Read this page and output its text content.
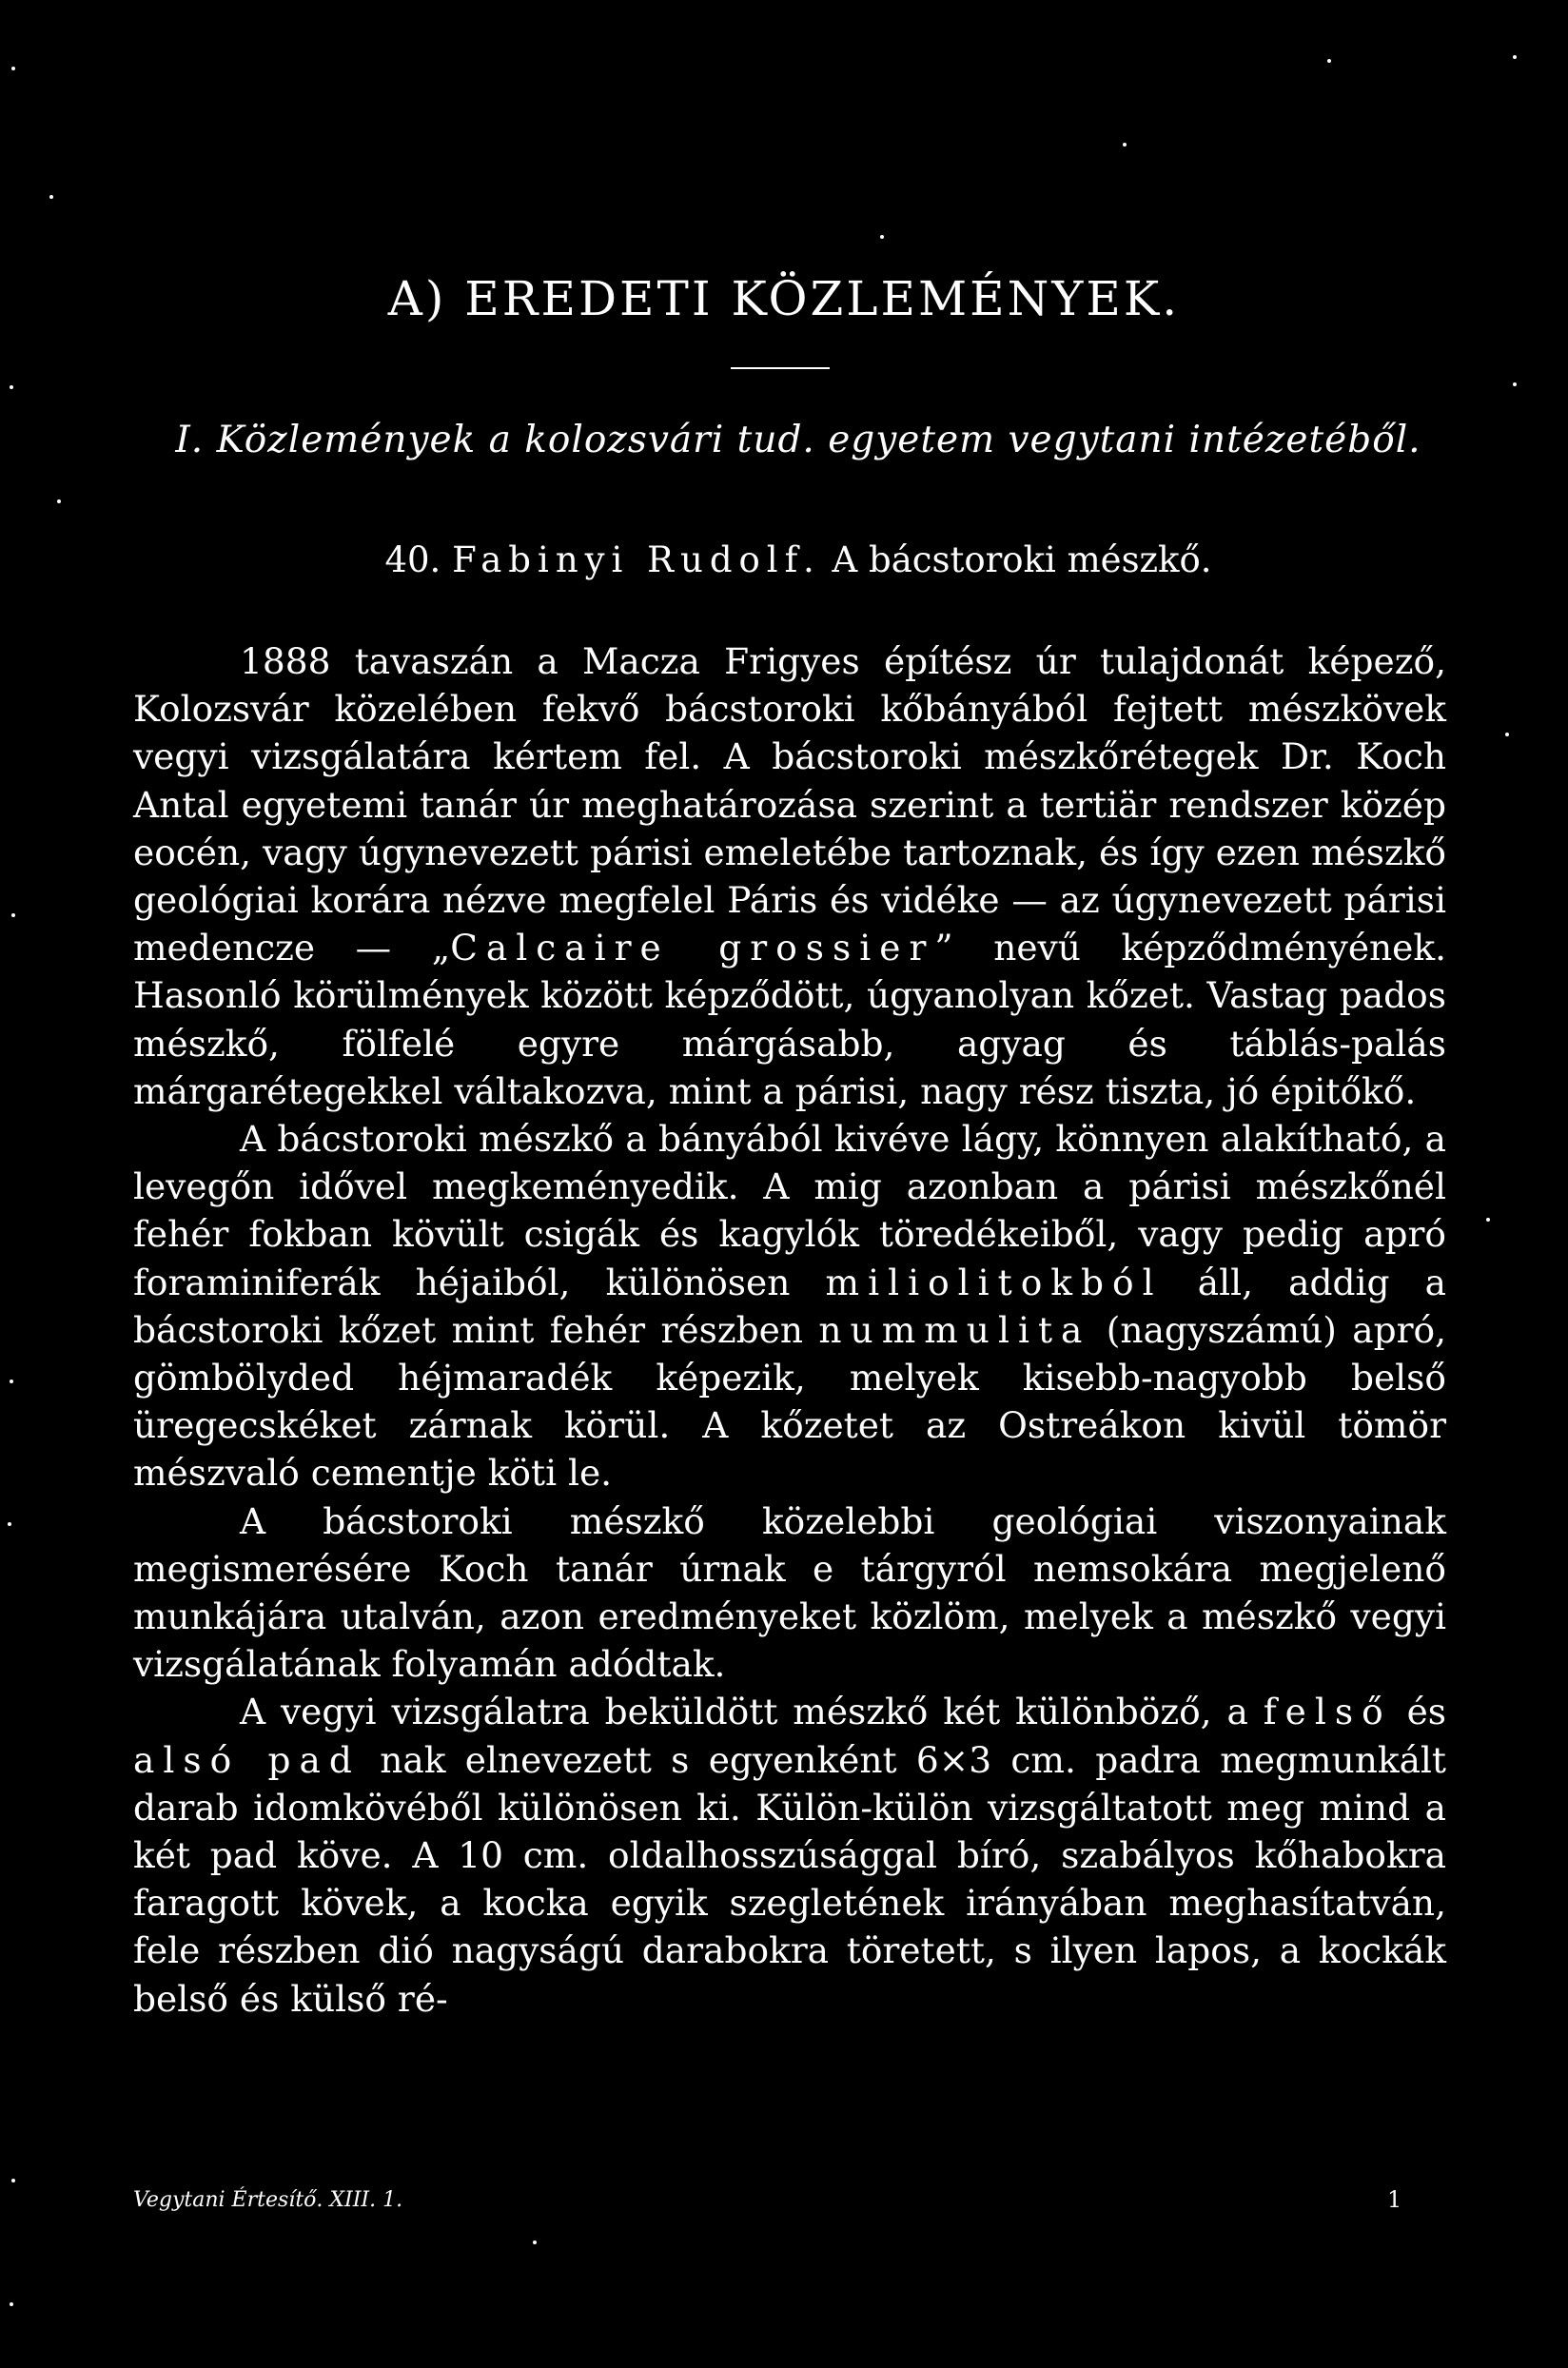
A) EREDETI KÖZLEMÉNYEK.
I. Közlemények a kolozsvári tud. egyetem vegytani intézetéből.
40. Fabinyi Rudolf. A bácstoroki mészkő.

1888 tavaszán a Macza Frigyes építész úr tulajdonát képező, Kolozsvár közelében fekvő bácstoroki kőbányából fejtett mészkövek vegyi vizsgálatára kértem fel. A bácstoroki mészkőrétegek Dr. Koch Antal egyetemi tanár úr meghatározása szerint a tertiär rendszer közép eocén, vagy úgynevezett párisi emeletébe tartoznak, és így ezen mészkő geológiai korára nézve megfelel Páris és vidéke — az úgynevezett párisi medencze — „Calcaire grossier” nevű képződményének. Hasonló körülmények között képződött, úgyanolyan kőzet. Vastag pados mészkő, fölfelé egyre márgásabb, agyag és táblás-palás márgarétegekkel váltakozva, mint a párisi, nagy rész tiszta, jó épitőkő.

A bácstoroki mészkő a bányából kivéve lágy, könnyen alakítható, a levegőn idővel megkeményedik. A mig azonban a párisi mészkőnél fehér fokban kövült csigák és kagylók töredékeiből, vagy pedig apró foraminiferák héjaiból, különösen miliolitokból áll, addig a bácstoroki kőzet mint fehér részben nummulita (nagyszámú) apró, gömbölyded héjmaradék képezik, melyek kisebb-nagyobb belső üregecskéket zárnak körül. A kőzetet az Ostreákon kivül tömör mészvaló cementje köti le.

A bácstoroki mészkő közelebbi geológiai viszonyainak megismerésére Koch tanár úrnak e tárgyról nemsokára megjelenő munkájára utalván, azon eredményeket közlöm, melyek a mészkő vegyi vizsgálatának folyamán adódtak.

A vegyi vizsgálatra beküldött mészkő két különböző, a felső és alsó pad nak elnevezett s egyenként 6×3 cm. padra megmunkált darab idomkövéből különösen ki. Külön-külön vizsgáltatott meg mind a két pad köve. A 10 cm. oldalhosszúsággal bíró, szabályos kőhabokra faragott kövek, a kocka egyik szegletének irányában meghasítatván, fele részben dió nagyságú darabokra töretett, s ilyen lapos, a kockák belső és külső ré-

Vegytani Értesítő. XIII. 1.	1
